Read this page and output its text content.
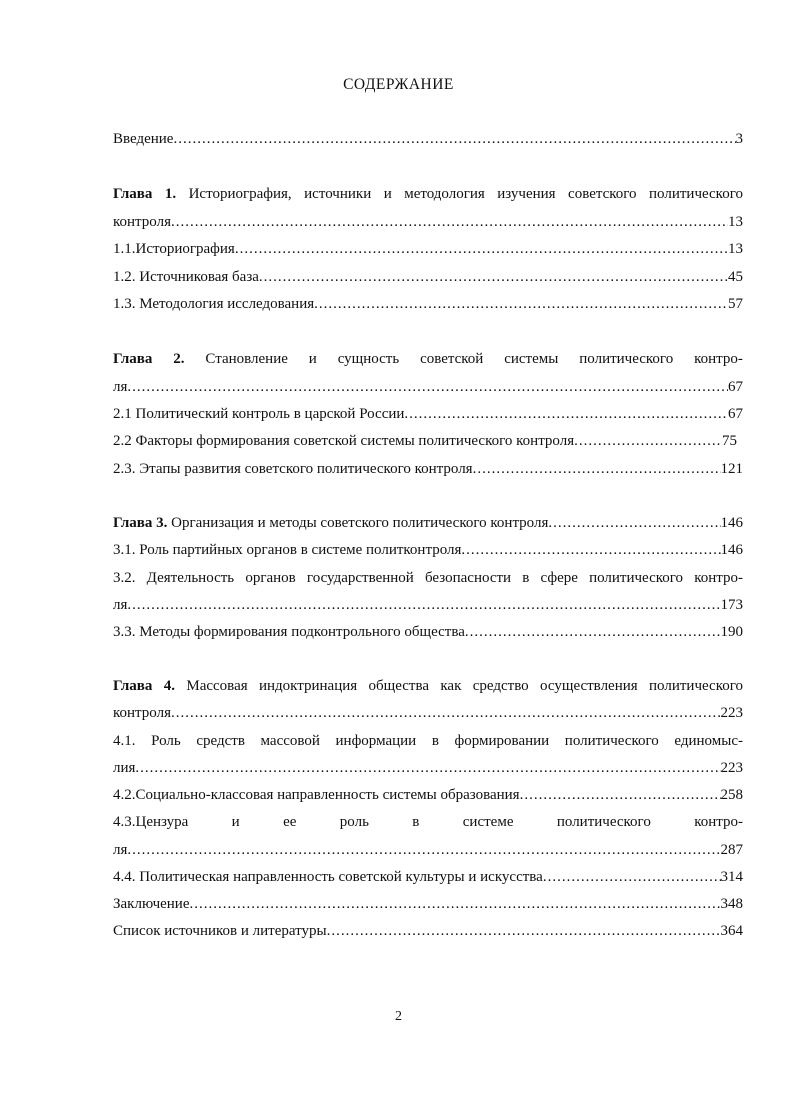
СОДЕРЖАНИЕ
Введение .....	3
Глава 1. Историография, источники и методология изучения советского политического
контроля .....	13
1.1.Историография .....	13
1.2. Источниковая база .....	45
1.3. Методология исследования .....	57
Глава 2. Становление и сущность советской системы политического контро-
ля .....	67
2.1 Политический контроль в царской России .....	67
2.2 Факторы формирования советской системы политического контроля .....	75
2.3. Этапы развития советского политического контроля .....	121
Глава 3. Организация и методы советского политического контроля .....	146
3.1. Роль партийных органов в системе политконтроля .....	146
3.2. Деятельность органов государственной безопасности в сфере политического контро-
ля .....	173
3.3. Методы формирования подконтрольного общества .....	190
Глава 4. Массовая индоктринация общества как средство осуществления политического
контроля .....	223
4.1. Роль средств массовой информации в формировании политического единомыс-
лия .....	223
4.2.Социально-классовая направленность системы образования .....	258
4.3.Цензура	и	ее	роль	в	системе	политического	контро-
ля .....	287
4.4. Политическая направленность советской культуры и искусства .....	314
Заключение .....	348
Список источников и литературы .....	364
2
